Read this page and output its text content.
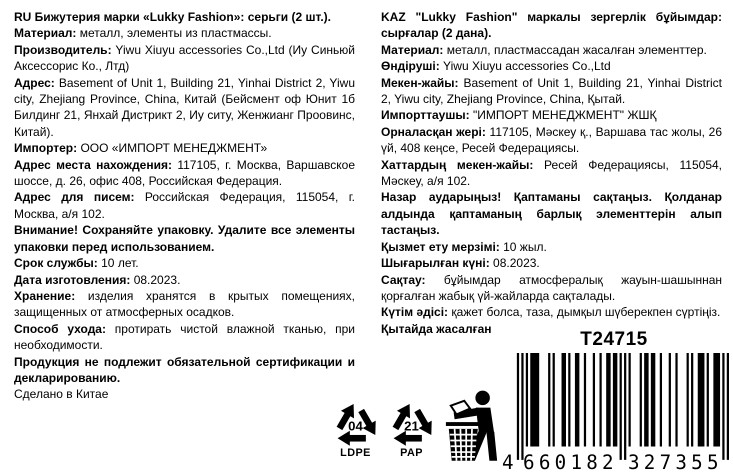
RU Бижутерия марки «Lukky Fashion»: серьги (2 шт.).

Материал: металл, элементы из пластмассы.

Производитель: Yiwu Xiuyu accessories Co.,Ltd (Иу Синьюй Аксессорис Ко., Лтд)

Адрес: Basement of Unit 1, Building 21, Yinhai District 2, Yiwu city, Zhejiang Province, China, Китай (Бейсмент оф Юнит 1б Билдинг 21, Янхай Дистрикт 2, Иу ситу, Женжианг Проовинс, Китай).

Импортер: ООО «ИМПОРТ МЕНЕДЖМЕНТ»

Адрес места нахождения: 117105, г. Москва, Варшавское шоссе, д. 26, офис 408, Российская Федерация.

Адрес для писем: Российская Федерация, 115054, г. Москва, а/я 102.

Внимание! Сохраняйте упаковку. Удалите все элементы упаковки перед использованием.

Срок службы: 10 лет.

Дата изготовления: 08.2023.

Хранение: изделия хранятся в крытых помещениях, защищенных от атмосферных осадков.

Способ ухода: протирать чистой влажной тканью, при необходимости.

Продукция не подлежит обязательной сертификации и декларированию.

Сделано в Китае

KAZ "Lukky Fashion" маркалы зергерлік бұйымдар: сырғалар (2 дана).

Материал: металл, пластмассадан жасалған элементтер.

Өндіруші: Yiwu Xiuyu accessories Co.,Ltd

Мекен-жайы: Basement of Unit 1, Building 21, Yinhai District 2, Yiwu city, Zhejiang Province, China, Қытай.

Импорттаушы: "ИМПОРТ МЕНЕДЖМЕНТ" ЖШҚ

Орналасқан жері: 117105, Мәскеу қ., Варшава тас жолы, 26 үй, 408 кеңсе, Ресей Федерациясы.

Хаттардың мекен-жайы: Ресей Федерациясы, 115054, Мәскеу, а/я 102.

Назар аударыңыз! Қаптаманы сақтаңыз. Қолданар алдында қаптаманың барлық элементтерін алып тастаңыз.

Қызмет ету мерзімі: 10 жыл.

Шығарылған күні: 08.2023.

Сақтау: бұйымдар атмосфералық жауын-шашыннан қорғалған жабық үй-жайларда сақталады.

Күтім әдісі: қажет болса, таза, дымқыл шүберекпен сүртіңіз.

Қытайда жасалған

04
LDPE
21
PAP
T24715
4 660182 327355
